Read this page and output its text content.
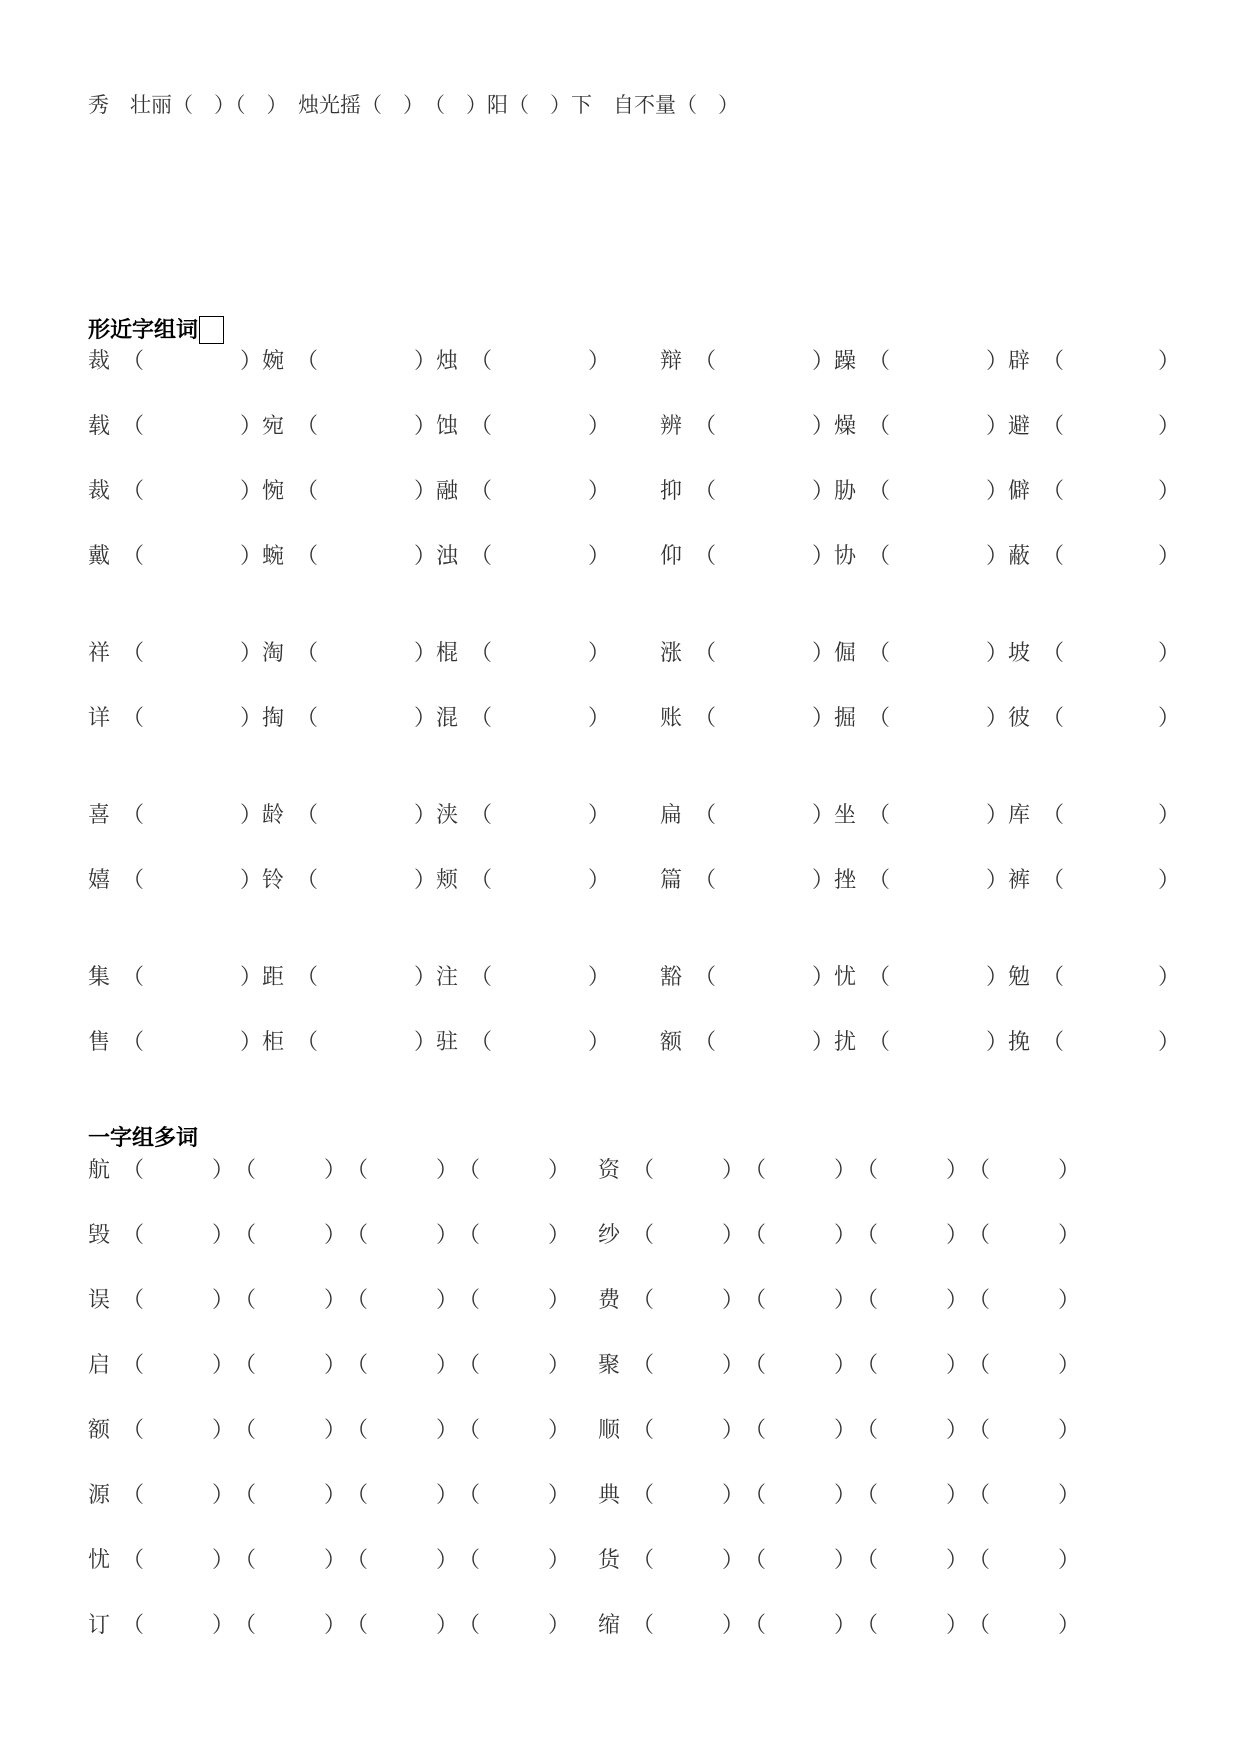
秀　壮丽（　）（　）　烛光摇（　）　（　）阳（　）下　自不量（　）
形近字组词
一字组多词
裁 （	） 婉 （	） 烛 （	） 辩 （	） 躁 （	） 辟 （	）
载 （	） 宛 （	） 蚀 （	） 辨 （	） 燥 （	） 避 （	）
裁 （	） 惋 （	） 融 （	） 抑 （	） 胁 （	） 僻 （	）
戴 （	） 蜿 （	） 浊 （	） 仰 （	） 协 （	） 蔽 （	）
祥 （	） 淘 （	） 棍 （	） 涨 （	） 倔 （	） 坡 （	）
详 （	） 掏 （	） 混 （	） 账 （	） 掘 （	） 彼 （	）
喜 （	） 龄 （	） 浃 （	） 扁 （	） 坐 （	） 库 （	）
嬉 （	） 铃 （	） 颊 （	） 篇 （	） 挫 （	） 裤 （	）
集 （	） 距 （	） 注 （	） 豁 （	） 忧 （	） 勉 （	）
售 （	） 柜 （	） 驻 （	） 额 （	） 扰 （	） 挽 （	）
航 （	） （	） （	） （	） 资 （	） （	） （	） （	）
毁 （	） （	） （	） （	） 纱 （	） （	） （	） （	）
误 （	） （	） （	） （	） 费 （	） （	） （	） （	）
启 （	） （	） （	） （	） 聚 （	） （	） （	） （	）
额 （	） （	） （	） （	） 顺 （	） （	） （	） （	）
源 （	） （	） （	） （	） 典 （	） （	） （	） （	）
忧 （	） （	） （	） （	） 货 （	） （	） （	） （	）
订 （	） （	） （	） （	） 缩 （	） （	） （	） （	）
